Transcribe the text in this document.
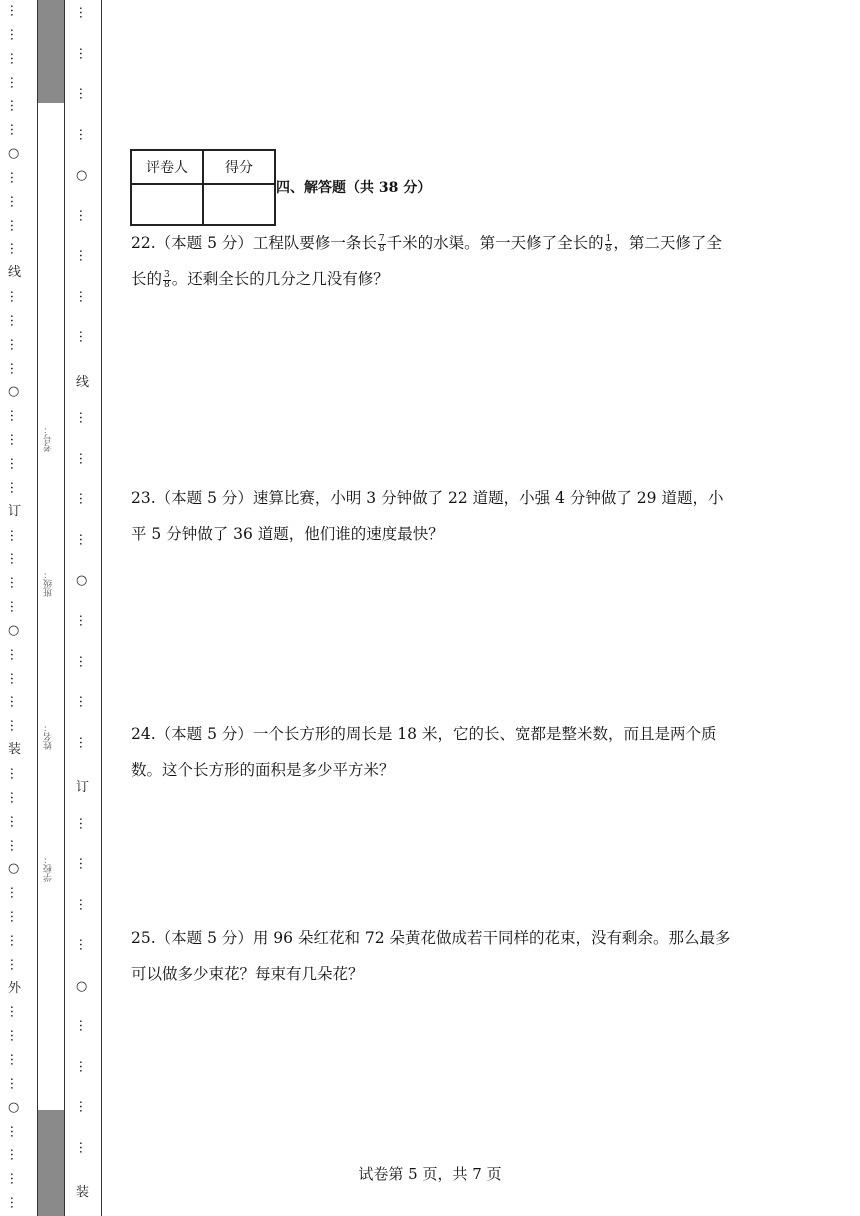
…
…
…
…
…
…
○
…
…
…
…
线
…
…
…
…
○
…
…
…
…
订
…
…
…
…
○
…
…
…
…
装
…
…
…
…
○
…
…
…
…
外
…
…
…
…
○
…
…
…
…
考号：
班级：
姓名：
学校：
…
…
…
…
○
…
…
…
…
线
…
…
…
…
○
…
…
…
…
订
…
…
…
…
○
…
…
…
…
装
评卷人	得分

四、解答题（共 38 分）
22.（本题 5 分）工程队要修一条长 $\frac{7}{8}$ 千米的水渠。第一天修了全长的 $\frac{1}{8}$ ，第二天修了全长的 $\frac{3}{8}$ 。还剩全长的几分之几没有修？
23.（本题 5 分）速算比赛，小明 3 分钟做了 22 道题，小强 4 分钟做了 29 道题，小平 5 分钟做了 36 道题，他们谁的速度最快？
24.（本题 5 分）一个长方形的周长是 18 米，它的长、宽都是整米数，而且是两个质数。这个长方形的面积是多少平方米？
25.（本题 5 分）用 96 朵红花和 72 朵黄花做成若干同样的花束，没有剩余。那么最多可以做多少束花？每束有几朵花？
试卷第 5 页，共 7 页
